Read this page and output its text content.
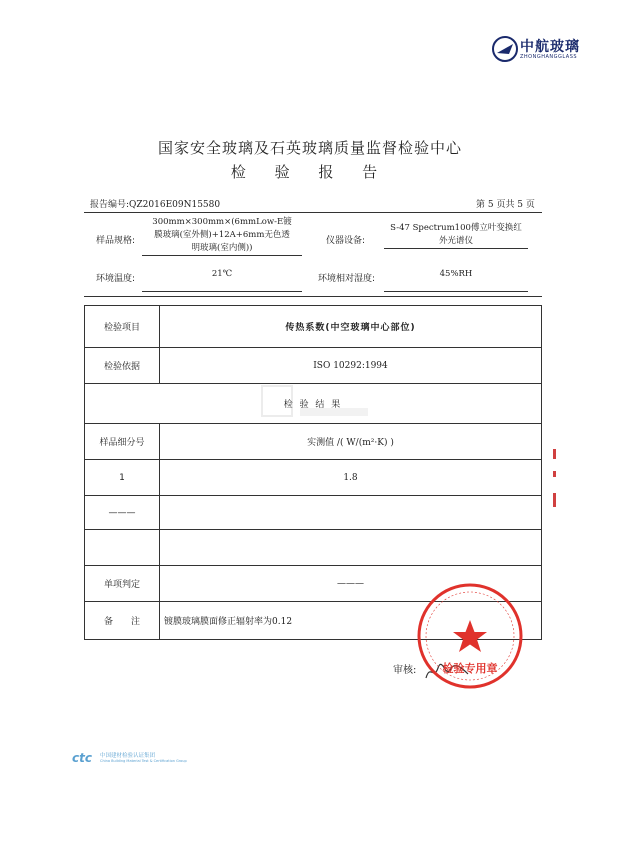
中航玻璃
ZHONGHANGGLASS
国家安全玻璃及石英玻璃质量监督检验中心
检 验 报 告
报告编号:QZ2016E09N15580	第 5 页共 5 页
样品规格:
300mm×300mm×(6mmLow-E镀
膜玻璃(室外侧)+12A+6mm无色透
明玻璃(室内侧))
仪器设备:
S-47 Spectrum100傅立叶变换红
外光谱仪
环境温度:	21℃	环境相对湿度:	45%RH
检验项目	传热系数(中空玻璃中心部位)
检验依据	ISO 10292:1994
检 验 结 果	
样品细分号	实测值 /( W/(m²·K) )
1	1.8
———	

单项判定	———
备　　注	镀膜玻璃膜面修正辐射率为0.12
审核: 检验专用章
ctc 中国建材检验认证集团
China Building Material Test & Certification Group
